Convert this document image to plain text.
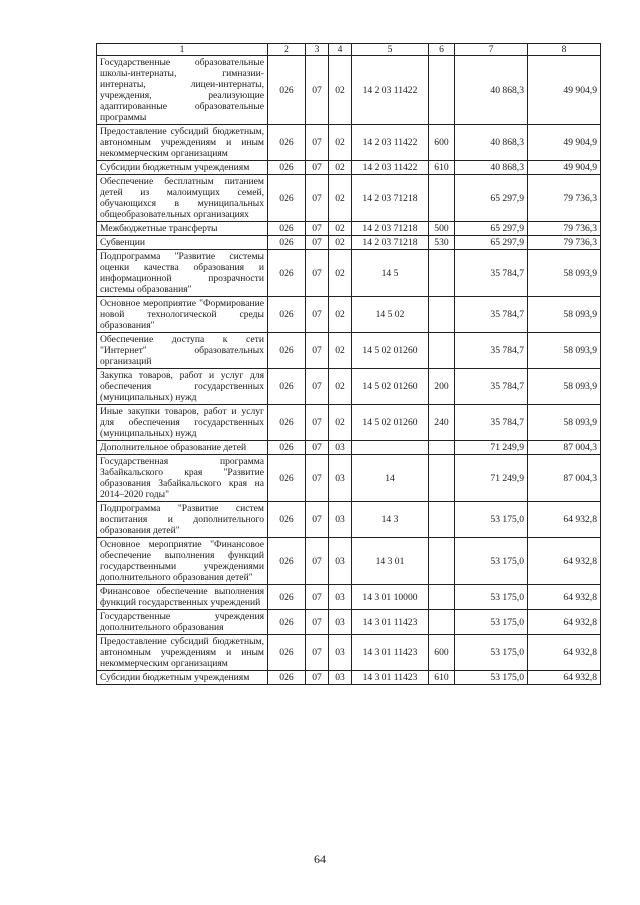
1	2	3	4	5	6	7	8
Государственные образовательные школы-интернаты, гимназии-интернаты, лицеи-интернаты, учреждения, реализующие адаптированные образовательные программы	026	07	02	14 2 03 11422		40 868,3	49 904,9
Предоставление субсидий бюджетным, автономным учреждениям и иным некоммерческим организациям	026	07	02	14 2 03 11422	600	40 868,3	49 904,9
Субсидии бюджетным учреждениям	026	07	02	14 2 03 11422	610	40 868,3	49 904,9
Обеспечение бесплатным питанием детей из малоимущих семей, обучающихся в муниципальных общеобразовательных организациях	026	07	02	14 2 03 71218		65 297,9	79 736,3
Межбюджетные трансферты	026	07	02	14 2 03 71218	500	65 297,9	79 736,3
Субвенции	026	07	02	14 2 03 71218	530	65 297,9	79 736,3
Подпрограмма "Развитие системы оценки качества образования и информационной прозрачности системы образования"	026	07	02	14 5		35 784,7	58 093,9
Основное мероприятие "Формирование новой технологической среды образования"	026	07	02	14 5 02		35 784,7	58 093,9
Обеспечение доступа к сети "Интернет" образовательных организаций	026	07	02	14 5 02 01260		35 784,7	58 093,9
Закупка товаров, работ и услуг для обеспечения государственных (муниципальных) нужд	026	07	02	14 5 02 01260	200	35 784,7	58 093,9
Иные закупки товаров, работ и услуг для обеспечения государственных (муниципальных) нужд	026	07	02	14 5 02 01260	240	35 784,7	58 093,9
Дополнительное образование детей	026	07	03			71 249,9	87 004,3
Государственная программа Забайкальского края "Развитие образования Забайкальского края на 2014–2020 годы"	026	07	03	14		71 249,9	87 004,3
Подпрограмма "Развитие систем воспитания и дополнительного образования детей"	026	07	03	14 3		53 175,0	64 932,8
Основное мероприятие "Финансовое обеспечение выполнения функций государственными учреждениями дополнительного образования детей"	026	07	03	14 3 01		53 175,0	64 932,8
Финансовое обеспечение выполнения функций государственных учреждений	026	07	03	14 3 01 10000		53 175,0	64 932,8
Государственные учреждения дополнительного образования	026	07	03	14 3 01 11423		53 175,0	64 932,8
Предоставление субсидий бюджетным, автономным учреждениям и иным некоммерческим организациям	026	07	03	14 3 01 11423	600	53 175,0	64 932,8
Субсидии бюджетным учреждениям	026	07	03	14 3 01 11423	610	53 175,0	64 932,8
64
